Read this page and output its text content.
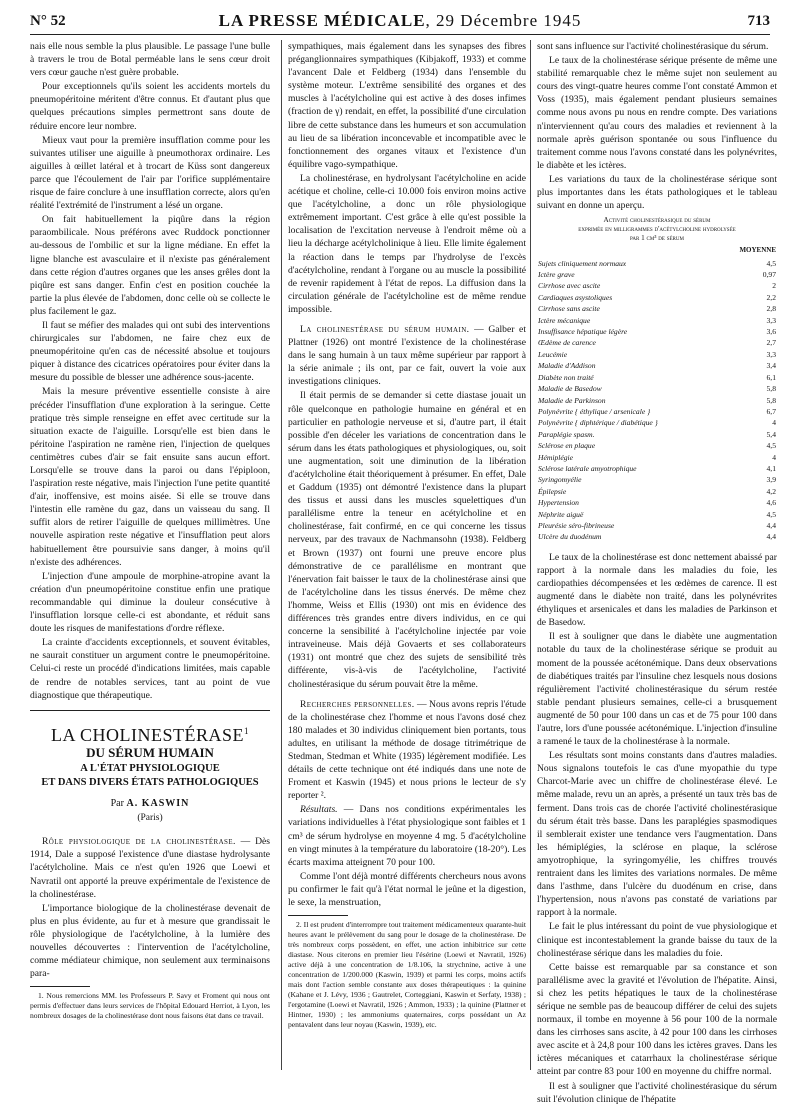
N° 52	LA PRESSE MÉDICALE, 29 Décembre 1945	713

nais elle nous semble la plus plausible. Le passage l'une bulle à travers le trou de Botal perméable lans le sens cœur droit vers cœur gauche n'est guère probable.

Pour exceptionnels qu'ils soient les accidents mortels du pneumopéritoine méritent d'être connus. Et d'autant plus que quelques précautions simples permettront sans doute de réduire encore leur nombre.

Mieux vaut pour la première insufflation comme pour les suivantes utiliser une aiguille à pneumothorax ordinaire. Les aiguilles à œillet latéral et à trocart de Küss sont dangereux parce que l'écoulement de l'air par l'orifice supplémentaire risque de faire conclure à une insufflation correcte, alors qu'en réalité l'extrémité de l'instrument a lésé un organe.

On fait habituellement la piqûre dans la région paraombilicale. Nous préférons avec Ruddock ponctionner au-dessous de l'ombilic et sur la ligne médiane. En effet la ligne blanche est avasculaire et il n'existe pas généralement dans cette région d'autres organes que les anses grêles dont la piqûre est sans danger. Enfin c'est en position couchée la partie la plus élevée de l'abdomen, donc celle où se collecte le plus facilement le gaz.

Il faut se méfier des malades qui ont subi des interventions chirurgicales sur l'abdomen, ne faire chez eux de pneumopéritoine qu'en cas de nécessité absolue et toujours piquer à distance des cicatrices opératoires pour éviter dans la mesure du possible de blesser une adhérence sous-jacente.

Mais la mesure préventive essentielle consiste à aire précéder l'insufflation d'une exploration à la seringue. Cette pratique très simple renseigne en effet avec certitude sur la situation exacte de l'aiguille. Lorsqu'elle est bien dans le péritoine l'aspiration ne ramène rien, l'injection de quelques centimètres cubes d'air se fait ensuite sans aucun effort. Lorsqu'elle se trouve dans la paroi ou dans l'épiploon, l'aspiration reste négative, mais l'injection l'une petite quantité d'air, inoffensive, est moins aisée. Si elle se trouve dans l'intestin elle ramène du gaz, dans un vaisseau du sang. Il suffit alors de retirer l'aiguille de quelques millimètres. Une nouvelle aspiration reste négative et l'insufflation peut alors habituellement être poursuivie sans danger, à moins qu'il n'existe des adhérences.

L'injection d'une ampoule de morphine-atropine avant la création d'un pneumopéritoine constitue enfin une pratique recommandable qui diminue la douleur consécutive à l'insufflation lorsque celle-ci est abondante, et réduit sans doute les risques de manifestations d'ordre réflexe.

La crainte d'accidents exceptionnels, et souvent évitables, ne saurait constituer un argument contre le pneumopéritoine. Celui-ci reste un procédé d'indications limitées, mais capable de rendre de notables services, tant au point de vue diagnostique que thérapeutique.

LA CHOLINESTÉRASE$^1$
DU SÉRUM HUMAIN
A L'ÉTAT PHYSIOLOGIQUE
ET DANS DIVERS ÉTATS PATHOLOGIQUES
Par A. KASWIN
(Paris)

Rôle physiologique de la cholinestérase. — Dès 1914, Dale a supposé l'existence d'une diastase hydrolysante l'acétylcholine. Mais ce n'est qu'en 1926 que Loewi et Navratil ont apporté la preuve expérimentale de l'existence de la cholinestérase.

L'importance biologique de la cholinestérase devenait de plus en plus évidente, au fur et à mesure que grandissait le rôle physiologique de l'acétylcholine, à la lumière des nouvelles découvertes : l'intervention de l'acétylcholine, comme médiateur chimique, non seulement aux terminaisons para-

1. Nous remercions MM. les Professeurs P. Savy et Froment qui nous ont permis d'effectuer dans leurs services de l'hôpital Edouard Herriot, à Lyon, les nombreux dosages de la cholinestérase dont nous faisons état dans ce travail.

sympathiques, mais également dans les synapses des fibres préganglionnaires sympathiques (Kibjakoff, 1933) et comme l'avancent Dale et Feldberg (1934) dans l'ensemble du système moteur. L'extrême sensibilité des organes et des muscles à l'acétylcholine qui est active à des doses infimes (fraction de γ) rendait, en effet, la possibilité d'une circulation libre de cette substance dans les humeurs et son accumulation au lieu de sa libération inconcevable et incompatible avec le fonctionnement des organes vitaux et l'existence d'un équilibre vago-sympathique.

La cholinestérase, en hydrolysant l'acétylcholine en acide acétique et choline, celle-ci 10.000 fois environ moins active que l'acétylcholine, a donc un rôle physiologique extrêmement important. C'est grâce à elle qu'est possible la localisation de l'excitation nerveuse à l'endroit même où a lieu la décharge acétylcholinique à lieu. Elle limite également la réaction dans le temps par l'hydrolyse de l'excès d'acétylcholine, rendant à l'organe ou au muscle la possibilité de revenir rapidement à l'état de repos. La diffusion dans la circulation générale de l'acétylcholine est de même rendue impossible.

La cholinestérase du sérum humain. — Galber et Plattner (1926) ont montré l'existence de la cholinestérase dans le sang humain à un taux même supérieur par rapport à la série animale ; ils ont, par ce fait, ouvert la voie aux investigations cliniques.

Il était permis de se demander si cette diastase jouait un rôle quelconque en pathologie humaine en général et en particulier en pathologie nerveuse et si, d'autre part, il était possible d'en déceler les variations de concentration dans le sérum dans les états pathologiques et physiologiques, ou, soit une augmentation, soit une diminution de la libération d'acétylcholine était théoriquement à présumer. En effet, Dale et Gaddum (1935) ont démontré l'existence dans la plupart des tissus et aussi dans les muscles squelettiques d'un parallélisme entre la teneur en acétylcholine et en cholinestérase, fait confirmé, en ce qui concerne les tissus nerveux, par des travaux de Nachmansohn (1938). Feldberg et Brown (1937) ont fourni une preuve encore plus démonstrative de ce parallélisme en montrant que l'énervation fait baisser le taux de la cholinestérase ainsi que de l'acétylcholine dans les tissus énervés. De même chez l'homme, Weiss et Ellis (1930) ont mis en évidence des différences très grandes entre divers individus, en ce qui concerne la sensibilité à l'acétylcholine injectée par voie intraveineuse. Mais déjà Govaerts et ses collaborateurs (1931) ont montré que chez des sujets de sensibilité très différente, vis-à-vis de l'acétylcholine, l'activité cholinestérasique du sérum pouvait être la même.

Recherches personnelles. — Nous avons repris l'étude de la cholinestérase chez l'homme et nous l'avons dosé chez 180 malades et 30 individus cliniquement bien portants, tous adultes, en utilisant la méthode de dosage titrimétrique de Stedman, Stedman et White (1935) légèrement modifiée. Les détails de cette technique ont été indiqués dans une note de Froment et Kaswin (1945) et nous prions le lecteur de s'y reporter ².

Résultats. — Dans nos conditions expérimentales les variations individuelles à l'état physiologique sont faibles et 1 cm³ de sérum hydrolyse en moyenne 4 mg. 5 d'acétylcholine en vingt minutes à la température du laboratoire (18-20°). Les écarts maxima atteignent 70 pour 100.

Comme l'ont déjà montré différents chercheurs nous avons pu confirmer le fait qu'à l'état normal le jeûne et la digestion, le sexe, la menstruation,

2. Il est prudent d'interrompre tout traitement médicamenteux quarante-huit heures avant le prélèvement du sang pour le dosage de la cholinestérase. De très nombreux corps possèdent, en effet, une action inhibitrice sur cette diastase. Nous citerons en premier lieu l'ésérine (Loewi et Navratil, 1926) active déjà à une concentration de 1/8.106, la strychnine, active à une concentration de 1/200.000 (Kaswin, 1939) et parmi les corps, moins actifs mais dont l'action semble constante aux doses thérapeutiques : la quinine (Kahane et J. Lévy, 1936 ; Gautrelet, Corteggiani, Kaswin et Serfaty, 1938) ; l'ergotamine (Loewi et Navratil, 1926 ; Ammon, 1933) ; la quinine (Plattner et Hintner, 1930) ; les ammoniums quaternaires, corps possédant un Az pentavalent dans leur noyau (Kaswin, 1939), etc.

sont sans influence sur l'activité cholinestérasique du sérum.

Le taux de la cholinestérase sérique présente de même une stabilité remarquable chez le même sujet non seulement au cours des vingt-quatre heures comme l'ont constaté Ammon et Voss (1935), mais également pendant plusieurs semaines comme nous avons pu nous en rendre compte. Des variations n'interviennent qu'au cours des maladies et reviennent à la normale après guérison spontanée ou sous l'influence du traitement comme nous l'avons constaté dans les polynévrites, le diabète et les ictères.

Les variations du taux de la cholinestérase sérique sont plus importantes dans les états pathologiques et le tableau suivant en donne un aperçu.

Activité cholinestérasique du sérum
exprimée en milligrammes d'acétylcholine hydrolysée
par 1 cm³ de sérum
	MOYENNE
Sujets cliniquement normaux	4,5
Ictère grave	0,97
Cirrhose avec ascite	2
Cardiaques asystoliques	2,2
Cirrhose sans ascite	2,8
Ictère mécanique	3,3
Insuffisance hépatique légère	3,6
Œdème de carence	2,7
Leucémie	3,3
Maladie d'Addison	3,4
Diabète non traité	6,1
Maladie de Basedow	5,8
Maladie de Parkinson	5,8
Polynévrite { éthylique / arsenicale }	6,7
Polynévrite { diphtérique / diabétique }	4
Paraplégie spasm.	5,4
Sclérose en plaque	4,5
Hémiplégie	4
Sclérose latérale amyotrophique	4,1
Syringomyélie	3,9
Épilepsie	4,2
Hypertension	4,6
Néphrite aiguë	4,5
Pleurésie séro-fibrineuse	4,4
Ulcère du duodénum	4,4

Le taux de la cholinestérase est donc nettement abaissé par rapport à la normale dans les maladies du foie, les cardiopathies décompensées et les œdèmes de carence. Il est augmenté dans le diabète non traité, dans les polynévrites éthyliques et arsenicales et dans les maladies de Parkinson et de Basedow.

Il est à souligner que dans le diabète une augmentation notable du taux de la cholinestérase sérique se produit au moment de la poussée acétonémique. Dans deux observations de diabétiques traités par l'insuline chez lesquels nous dosions régulièrement l'activité cholinestérasique du sérum restée stable pendant plusieurs semaines, celle-ci a brusquement augmenté de 50 pour 100 dans un cas et de 75 pour 100 dans l'autre, lors d'une poussée acétonémique. L'injection d'insuline a ramené le taux de la cholinestérase à la normale.

Les résultats sont moins constants dans d'autres maladies. Nous signalons toutefois le cas d'une myopathie du type Charcot-Marie avec un chiffre de cholinestérase élevé. Le même malade, revu un an après, a présenté un taux très bas de ferment. Dans trois cas de chorée l'activité cholinestérasique du sérum était très basse. Dans les paraplégies spasmodiques il semblerait exister une tendance vers l'augmentation. Dans les hémiplégies, la sclérose en plaque, la sclérose amyotrophique, la syringomyélie, les chiffres trouvés rentraient dans les limites des variations normales. De même dans l'asthme, dans l'ulcère du duodénum en crise, dans l'hypertension, nous n'avons pas constaté de variations par rapport à la normale.

Le fait le plus intéressant du point de vue physiologique et clinique est incontestablement la grande baisse du taux de la cholinestérase sérique dans les maladies du foie.

Cette baisse est remarquable par sa constance et son parallélisme avec la gravité et l'évolution de l'hépatite. Ainsi, si chez les petits hépatiques le taux de la cholinestérase sérique ne semble pas de beaucoup différer de celui des sujets normaux, il tombe en moyenne à 56 pour 100 de la normale dans les cirrhoses sans ascite, à 42 pour 100 dans les cirrhoses avec ascite et à 24,8 pour 100 dans les ictères graves. Dans les ictères mécaniques et catarrhaux la cholinestérase sérique atteint par contre 83 pour 100 en moyenne du chiffre normal.

Il est à souligner que l'activité cholinestérasique du sérum suit l'évolution clinique de l'hépatite
